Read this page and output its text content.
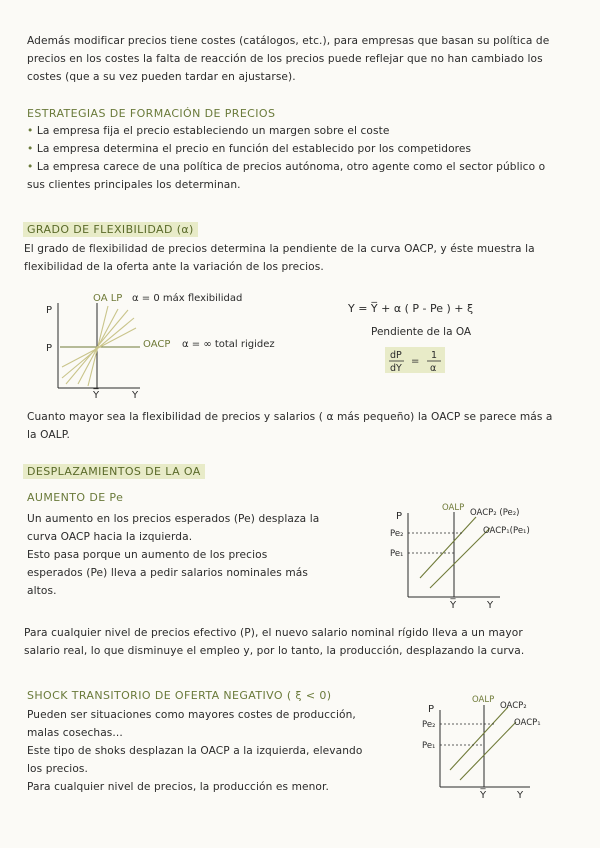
Además modificar precios tiene costes (catálogos, etc.), para empresas que basan su política de
precios en los costes la falta de reacción de los precios puede reflejar que no han cambiado los
costes (que a su vez pueden tardar en ajustarse).
ESTRATEGIAS DE FORMACIÓN DE PRECIOS
• La empresa fija el precio estableciendo un margen sobre el coste
• La empresa determina el precio en función del establecido por los competidores
• La empresa carece de una política de precios autónoma, otro agente como el sector público o
sus clientes principales los determinan.
GRADO DE FLEXIBILIDAD (α)
El grado de flexibilidad de precios determina la pendiente de la curva OACP, y éste muestra la
flexibilidad de la oferta ante la variación de los precios.
P
P
OA LP α = 0 máx flexibilidad
OACP α = ∞ total rigidez
Y̅	Y
Y = Y̅ + α ( P - Pe ) + ξ
Pendiente de la OA
dP
dY
=
1
α
Cuanto mayor sea la flexibilidad de precios y salarios ( α más pequeño) la OACP se parece más a
la OALP.
DESPLAZAMIENTOS DE LA OA
AUMENTO DE Pe
Un aumento en los precios esperados (Pe) desplaza la
curva OACP hacia la izquierda.
Esto pasa porque un aumento de los precios
esperados (Pe) lleva a pedir salarios nominales más
altos.
P
OALP OACP₂ (Pe₂)
OACP₁(Pe₁)
Pe₂
Pe₁
Y̅	Y
Para cualquier nivel de precios efectivo (P), el nuevo salario nominal rígido lleva a un mayor
salario real, lo que disminuye el empleo y, por lo tanto, la producción, desplazando la curva.
SHOCK TRANSITORIO DE OFERTA NEGATIVO ( ξ < 0)
Pueden ser situaciones como mayores costes de producción,
malas cosechas...
Este tipo de shoks desplazan la OACP a la izquierda, elevando
los precios.
Para cualquier nivel de precios, la producción es menor.
P
OALP
OACP₂
OACP₁
Pe₂
Pe₁
Y̅	Y
